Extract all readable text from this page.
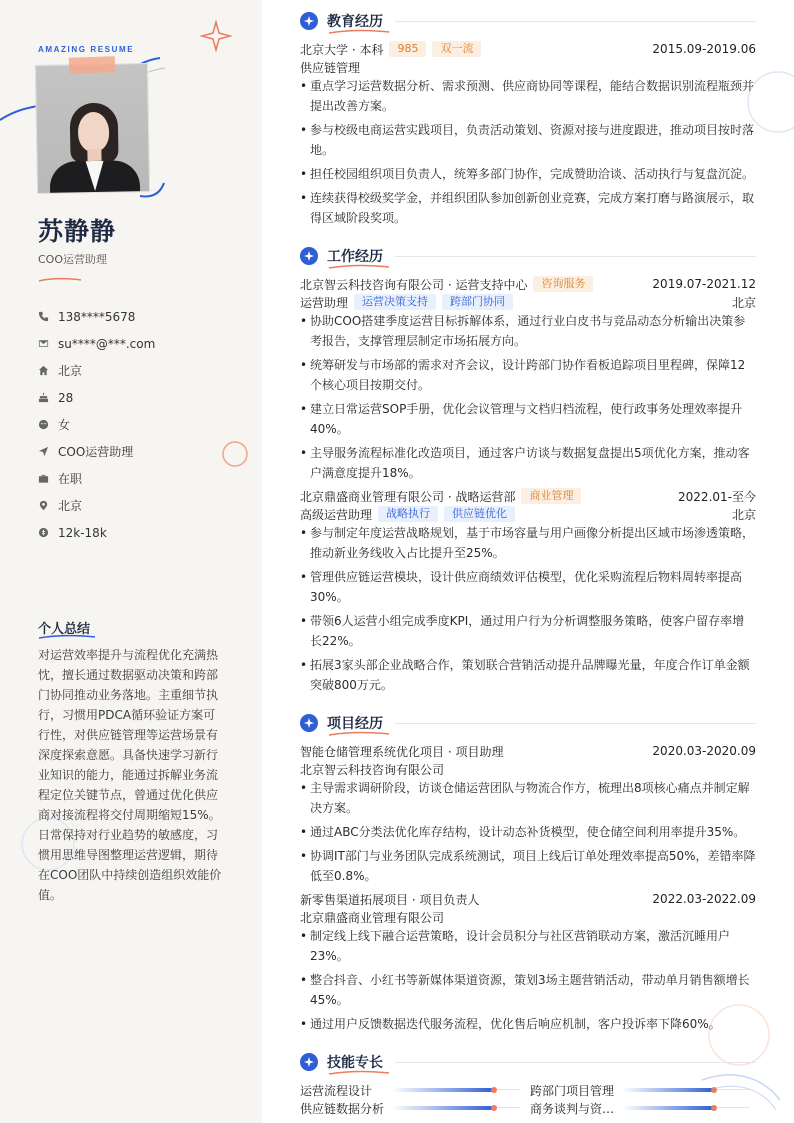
AMAZING RESUME
苏静静
COO运营助理
138****5678
su****@***.com
北京
28
女
COO运营助理
在职
北京
12k-18k
个人总结
对运营效率提升与流程优化充满热忱，擅长通过数据驱动决策和跨部门协同推动业务落地。主重细节执行，习惯用PDCA循环验证方案可行性，对供应链管理等运营场景有深度探索意愿。具备快速学习新行业知识的能力，能通过拆解业务流程定位关键节点，曾通过优化供应商对接流程将交付周期缩短15%。日常保持对行业趋势的敏感度，习惯用思维导图整理运营逻辑，期待在COO团队中持续创造组织效能价值。
教育经历
北京大学 · 本科	985	双一流	2015.09-2019.06
供应链管理
• 重点学习运营数据分析、需求预测、供应商协同等课程，能结合数据识别流程瓶颈并提出改善方案。
• 参与校级电商运营实践项目，负责活动策划、资源对接与进度跟进，推动项目按时落地。
• 担任校园组织项目负责人，统筹多部门协作，完成赞助洽谈、活动执行与复盘沉淀。
• 连续获得校级奖学金，并组织团队参加创新创业竞赛，完成方案打磨与路演展示，取得区域阶段奖项。
工作经历
北京智云科技咨询有限公司 · 运营支持中心	咨询服务	2019.07-2021.12
运营助理	运营决策支持	跨部门协同	北京
• 协助COO搭建季度运营目标拆解体系，通过行业白皮书与竞品动态分析输出决策参考报告，支撑管理层制定市场拓展方向。
• 统筹研发与市场部的需求对齐会议，设计跨部门协作看板追踪项目里程碑，保障12个核心项目按期交付。
• 建立日常运营SOP手册，优化会议管理与文档归档流程，使行政事务处理效率提升40%。
• 主导服务流程标准化改造项目，通过客户访谈与数据复盘提出5项优化方案，推动客户满意度提升18%。
北京鼎盛商业管理有限公司 · 战略运营部	商业管理	2022.01-至今
高级运营助理	战略执行	供应链优化	北京
• 参与制定年度运营战略规划，基于市场容量与用户画像分析提出区域市场渗透策略，推动新业务线收入占比提升至25%。
• 管理供应链运营模块，设计供应商绩效评估模型，优化采购流程后物料周转率提高30%。
• 带领6人运营小组完成季度KPI，通过用户行为分析调整服务策略，使客户留存率增长22%。
• 拓展3家头部企业战略合作，策划联合营销活动提升品牌曝光量，年度合作订单金额突破800万元。
项目经历
智能仓储管理系统优化项目 · 项目助理	2020.03-2020.09
北京智云科技咨询有限公司
• 主导需求调研阶段，访谈仓储运营团队与物流合作方，梳理出8项核心痛点并制定解决方案。
• 通过ABC分类法优化库存结构，设计动态补货模型，使仓储空间利用率提升35%。
• 协调IT部门与业务团队完成系统测试，项目上线后订单处理效率提高50%，差错率降低至0.8%。
新零售渠道拓展项目 · 项目负责人	2022.03-2022.09
北京鼎盛商业管理有限公司
• 制定线上线下融合运营策略，设计会员积分与社区营销联动方案，激活沉睡用户23%。
• 整合抖音、小红书等新媒体渠道资源，策划3场主题营销活动，带动单月销售额增长45%。
• 通过用户反馈数据迭代服务流程，优化售后响应机制，客户投诉率下降60%。
技能专长
运营流程设计	跨部门项目管理
供应链数据分析	商务谈判与资…
